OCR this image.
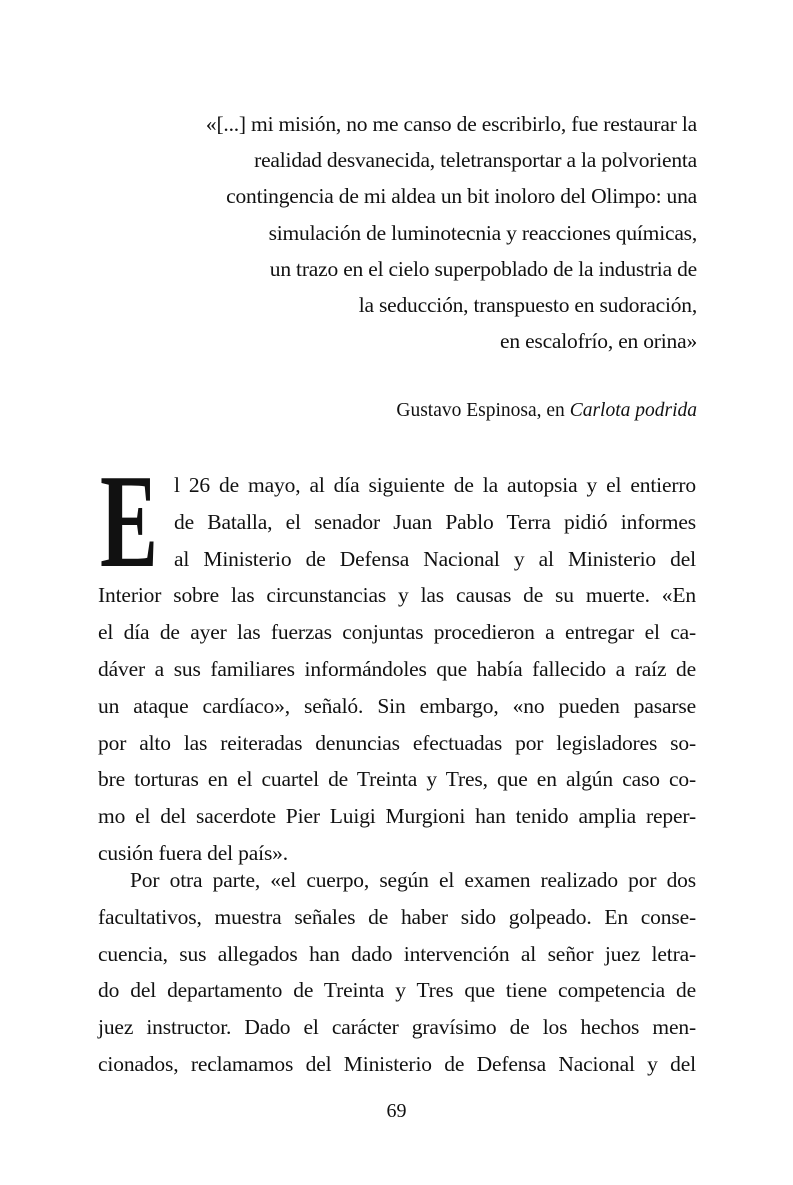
«[...] mi misión, no me canso de escribirlo, fue restaurar la
realidad desvanecida, teletransportar a la polvorienta
contingencia de mi aldea un bit inoloro del Olimpo: una
simulación de luminotecnia y reacciones químicas,
un trazo en el cielo superpoblado de la industria de
la seducción, transpuesto en sudoración,
en escalofrío, en orina»
Gustavo Espinosa, en Carlota podrida
E l 26 de mayo, al día siguiente de la autopsia y el entierro
de Batalla, el senador Juan Pablo Terra pidió informes
al Ministerio de Defensa Nacional y al Ministerio del
Interior sobre las circunstancias y las causas de su muerte. «En
el día de ayer las fuerzas conjuntas procedieron a entregar el ca-
dáver a sus familiares informándoles que había fallecido a raíz de
un ataque cardíaco», señaló. Sin embargo, «no pueden pasarse
por alto las reiteradas denuncias efectuadas por legisladores so-
bre torturas en el cuartel de Treinta y Tres, que en algún caso co-
mo el del sacerdote Pier Luigi Murgioni han tenido amplia reper-
cusión fuera del país».
Por otra parte, «el cuerpo, según el examen realizado por dos
facultativos, muestra señales de haber sido golpeado. En conse-
cuencia, sus allegados han dado intervención al señor juez letra-
do del departamento de Treinta y Tres que tiene competencia de
juez instructor. Dado el carácter gravísimo de los hechos men-
cionados, reclamamos del Ministerio de Defensa Nacional y del
69
